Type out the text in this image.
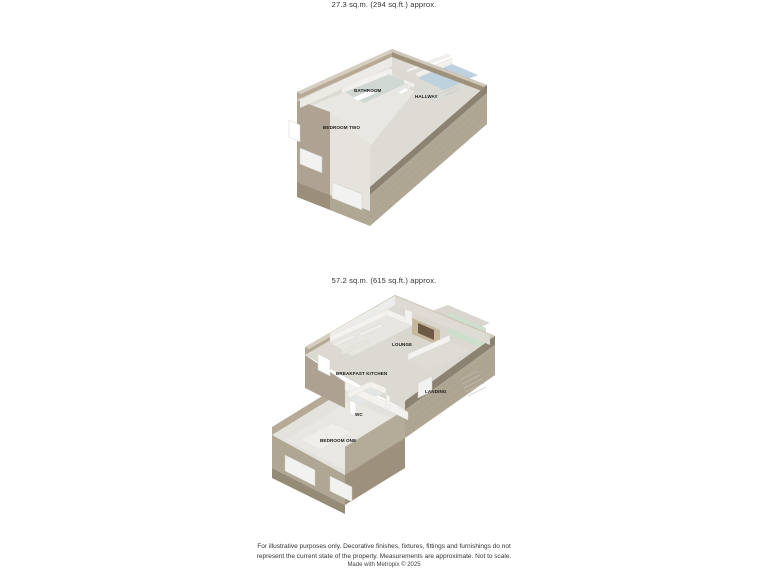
27.3 sq.m. (294 sq.ft.) approx.
BATHROOM
HALLWAY
BEDROOM TWO
57.2 sq.m. (615 sq.ft.) approx.
LOUNGE
BREAKFAST KITCHEN
LANDING
WC
BEDROOM ONE
For illustrative purposes only. Decorative finishes, fixtures, fittings and furnishings do not
represent the current state of the property. Measurements are approximate. Not to scale.
Made with Metropix © 2025
